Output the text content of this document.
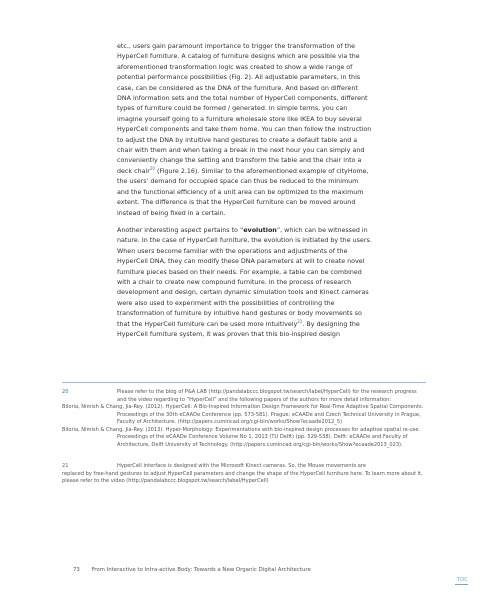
etc., users gain paramount importance to trigger the transformation of the HyperCell furniture. A catalog of furniture designs which are possible via the aforementioned transformation logic was created to show a wide range of potential performance possibilities (Fig. 2). All adjustable parameters, in this case, can be considered as the DNA of the furniture. And based on different DNA information sets and the total number of HyperCell components, different types of furniture could be formed / generated. In simple terms, you can imagine yourself going to a furniture wholesale store like IKEA to buy several HyperCell components and take them home. You can then follow the instruction to adjust the DNA by intuitive hand gestures to create a default table and a chair with them and when taking a break in the next hour you can simply and conveniently change the setting and transform the table and the chair into a deck chair$^{20}$ (Figure 2.16). Similar to the aforementioned example of cityHome, the users' demand for occupied space can thus be reduced to the minimum and the functional efficiency of a unit area can be optimized to the maximum extent. The difference is that the HyperCell furniture can be moved around instead of being fixed in a certain.

Another interesting aspect pertains to “evolution”, which can be witnessed in nature. In the case of HyperCell furniture, the evolution is initiated by the users. When users become familiar with the operations and adjustments of the HyperCell DNA, they can modify these DNA parameters at will to create novel furniture pieces based on their needs. For example, a table can be combined with a chair to create new compound furniture. In the process of research development and design, certain dynamic simulation tools and Kinect cameras were also used to experiment with the possibilities of controlling the transformation of furniture by intuitive hand gestures or body movements so that the HyperCell furniture can be used more intuitively$^{21}$. By designing the HyperCell furniture system, it was proven that this bio-inspired design

20	Please refer to the blog of P&A LAB (http://pandalabccc.blogspot.tw/search/label/HyperCell) for the research progress and the video regarding to “HyperCell” and the following papers of the authors for more detail information:
Biloria, Nimish & Chang, Jia-Rey. (2012). HyperCell: A Bio-Inspired Information Design Framework for Real-Time Adaptive Spatial Components. Proceedings of the 30th eCAADe Conference (pp. 573-581). Prague: eCAADe and Czech Technical University in Prague, Faculty of Architecture. (http://papers.cumincad.org/cgi-bin/works/Show?ecaade2012_5)
Biloria, Nimish & Chang, Jia-Rey. (2013). Hyper-Morphology: Experimentations with bio-inspired design processes for adaptive spatial re-use. Proceedings of the eCAADe Conference Volume No 1, 2013 (TU Delft) (pp. 529-538). Delft: eCAADe and Faculty of Architecture, Delft University of Technology. (http://papers.cumincad.org/cgi-bin/works/Show?ecaade2013_023).
21	HyperCell interface is designed with the Microsoft Kinect cameras. So, the Mouse movements are
replaced by free-hand gestures to adjust HyperCell parameters and change the shape of the HyperCell furniture here. To learn more about it, please refer to the video (http://pandalabccc.blogspot.tw/search/label/HyperCell)
73 From Interactive to Intra-active Body: Towards a New Organic Digital Architecture
TOC
